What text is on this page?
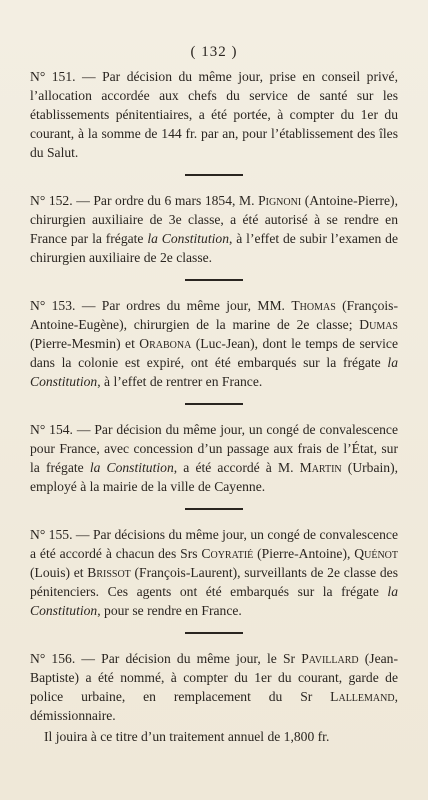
( 132 )

N° 151. — Par décision du même jour, prise en conseil privé, l’allocation accordée aux chefs du service de santé sur les établissements pénitentiaires, a été portée, à compter du 1er du courant, à la somme de 144 fr. par an, pour l’établissement des îles du Salut.

N° 152. — Par ordre du 6 mars 1854, M. Pignoni (Antoine-Pierre), chirurgien auxiliaire de 3e classe, a été autorisé à se rendre en France par la frégate la Constitution, à l’effet de subir l’examen de chirurgien auxiliaire de 2e classe.

N° 153. — Par ordres du même jour, MM. Thomas (François-Antoine-Eugène), chirurgien de la marine de 2e classe; Dumas (Pierre-Mesmin) et Orabona (Luc-Jean), dont le temps de service dans la colonie est expiré, ont été embarqués sur la frégate la Constitution, à l’effet de rentrer en France.

N° 154. — Par décision du même jour, un congé de convalescence pour France, avec concession d’un passage aux frais de l’État, sur la frégate la Constitution, a été accordé à M. Martin (Urbain), employé à la mairie de la ville de Cayenne.

N° 155. — Par décisions du même jour, un congé de convalescence a été accordé à chacun des Srs Coyratié (Pierre-Antoine), Quénot (Louis) et Brissot (François-Laurent), surveillants de 2e classe des pénitenciers. Ces agents ont été embarqués sur la frégate la Constitution, pour se rendre en France.

N° 156. — Par décision du même jour, le Sr Pavillard (Jean-Baptiste) a été nommé, à compter du 1er du courant, garde de police urbaine, en remplacement du Sr Lallemand, démissionnaire.

Il jouira à ce titre d’un traitement annuel de 1,800 fr.
